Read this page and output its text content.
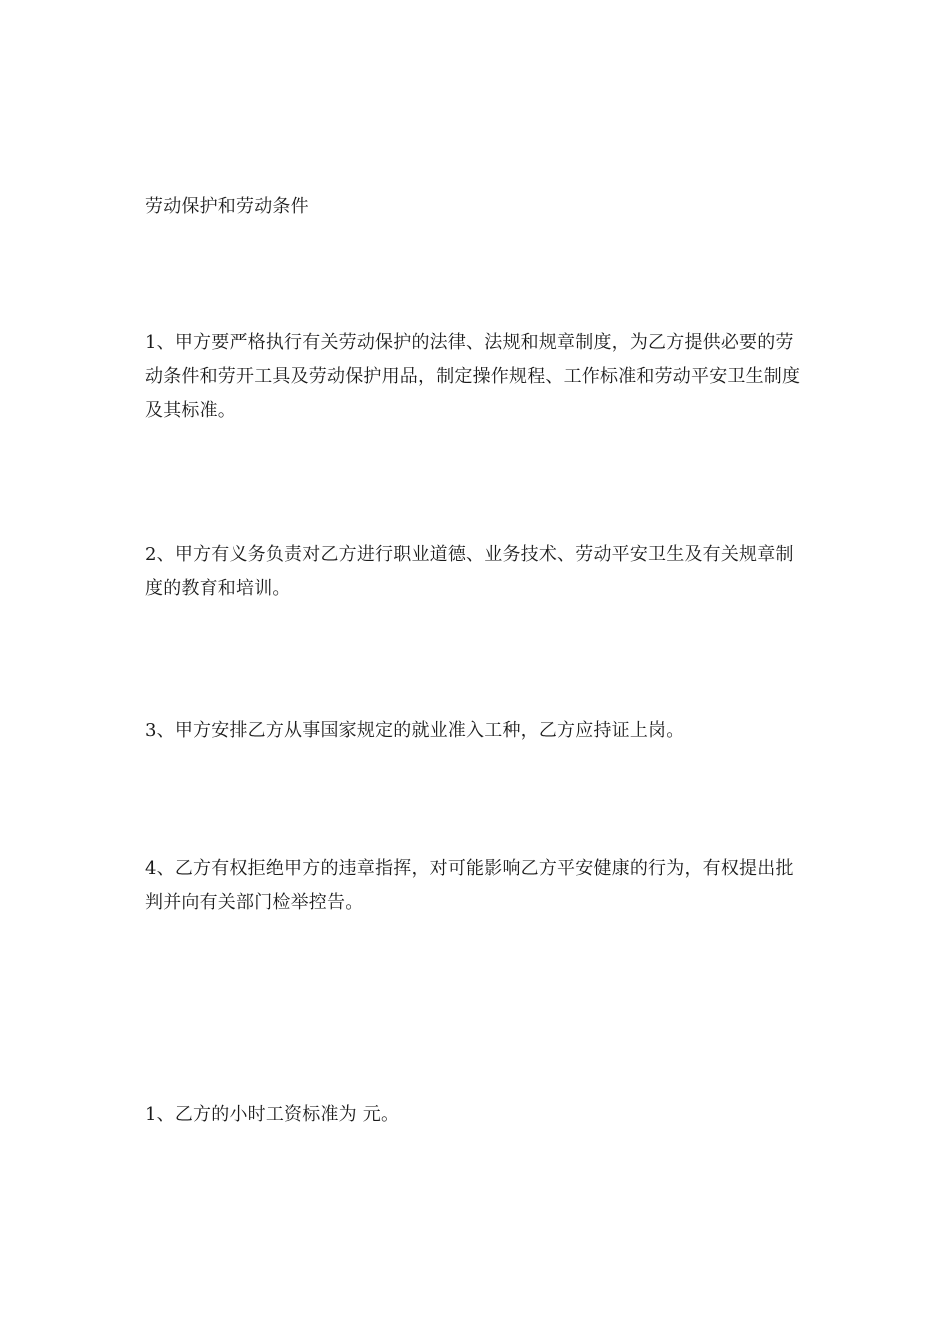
劳动保护和劳动条件

1、甲方要严格执行有关劳动保护的法律、法规和规章制度，为乙方提供必要的劳动条件和劳开工具及劳动保护用品，制定操作规程、工作标准和劳动平安卫生制度及其标准。

2、甲方有义务负责对乙方进行职业道德、业务技术、劳动平安卫生及有关规章制度的教育和培训。

3、甲方安排乙方从事国家规定的就业准入工种，乙方应持证上岗。

4、乙方有权拒绝甲方的违章指挥，对可能影响乙方平安健康的行为，有权提出批判并向有关部门检举控告。

1、乙方的小时工资标准为 元。
